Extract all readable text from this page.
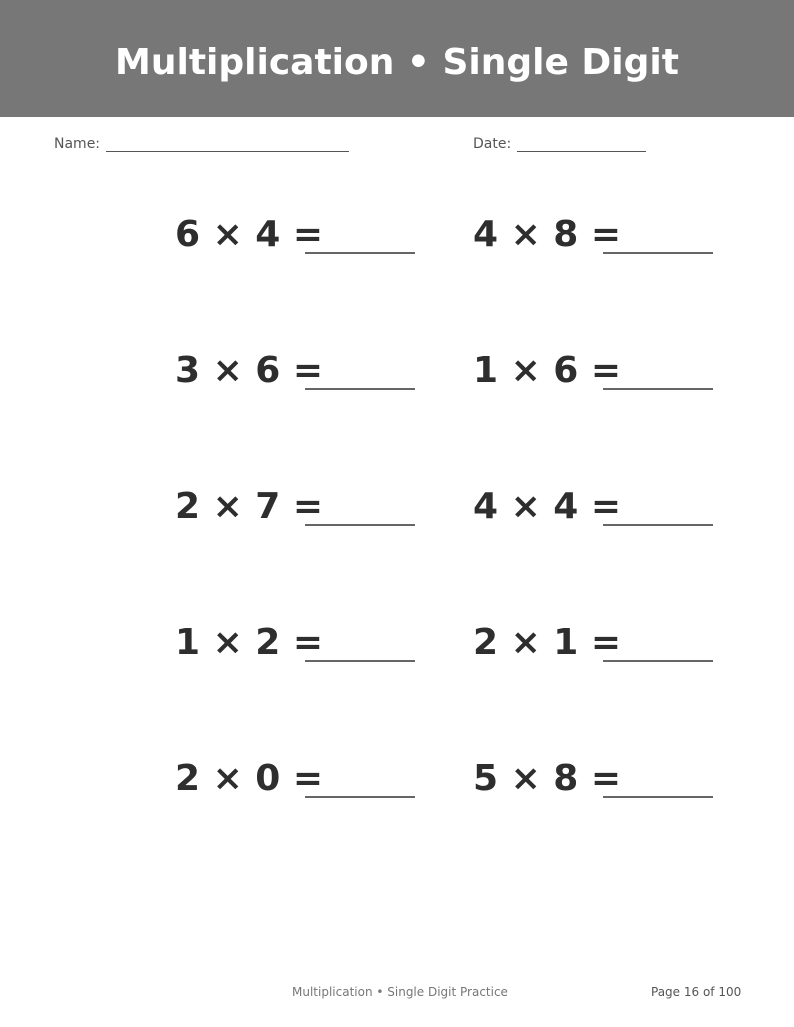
Multiplication • Single Digit
Name:	Date:
6 × 4 =
3 × 6 =
2 × 7 =
1 × 2 =
2 × 0 =
4 × 8 =
1 × 6 =
4 × 4 =
2 × 1 =
5 × 8 =
Multiplication • Single Digit Practice	Page 16 of 100
